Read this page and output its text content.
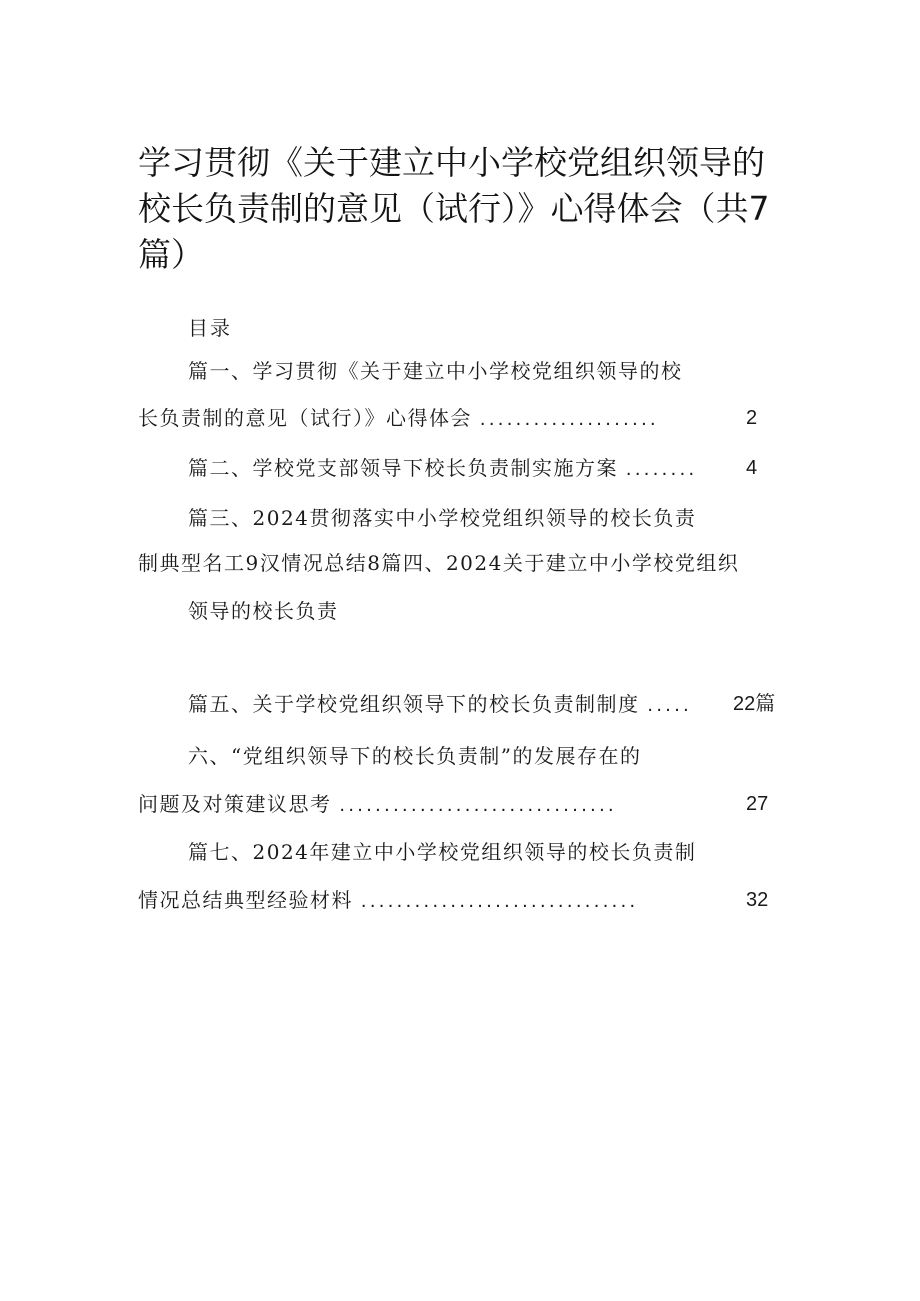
学习贯彻《关于建立中小学校党组织领导的
校长负责制的意见（试行）》心得体会（共7
篇）
目录
篇一、学习贯彻《关于建立中小学校党组织领导的校
长负责制的意见（试行）》心得体会 ....................	2
篇二、学校党支部领导下校长负责制实施方案 ........ 4
篇三、2024贯彻落实中小学校党组织领导的校长负责
制典型名工9汉情况总结8篇四、2024关于建立中小学校党组织
领导的校长负责
篇五、关于学校党组织领导下的校长负责制制度 ..... 22篇
六、“党组织领导下的校长负责制”的发展存在的
问题及对策建议思考 ...............................	27
篇七、2024年建立中小学校党组织领导的校长负责制
情况总结典型经验材料 ...............................	32
